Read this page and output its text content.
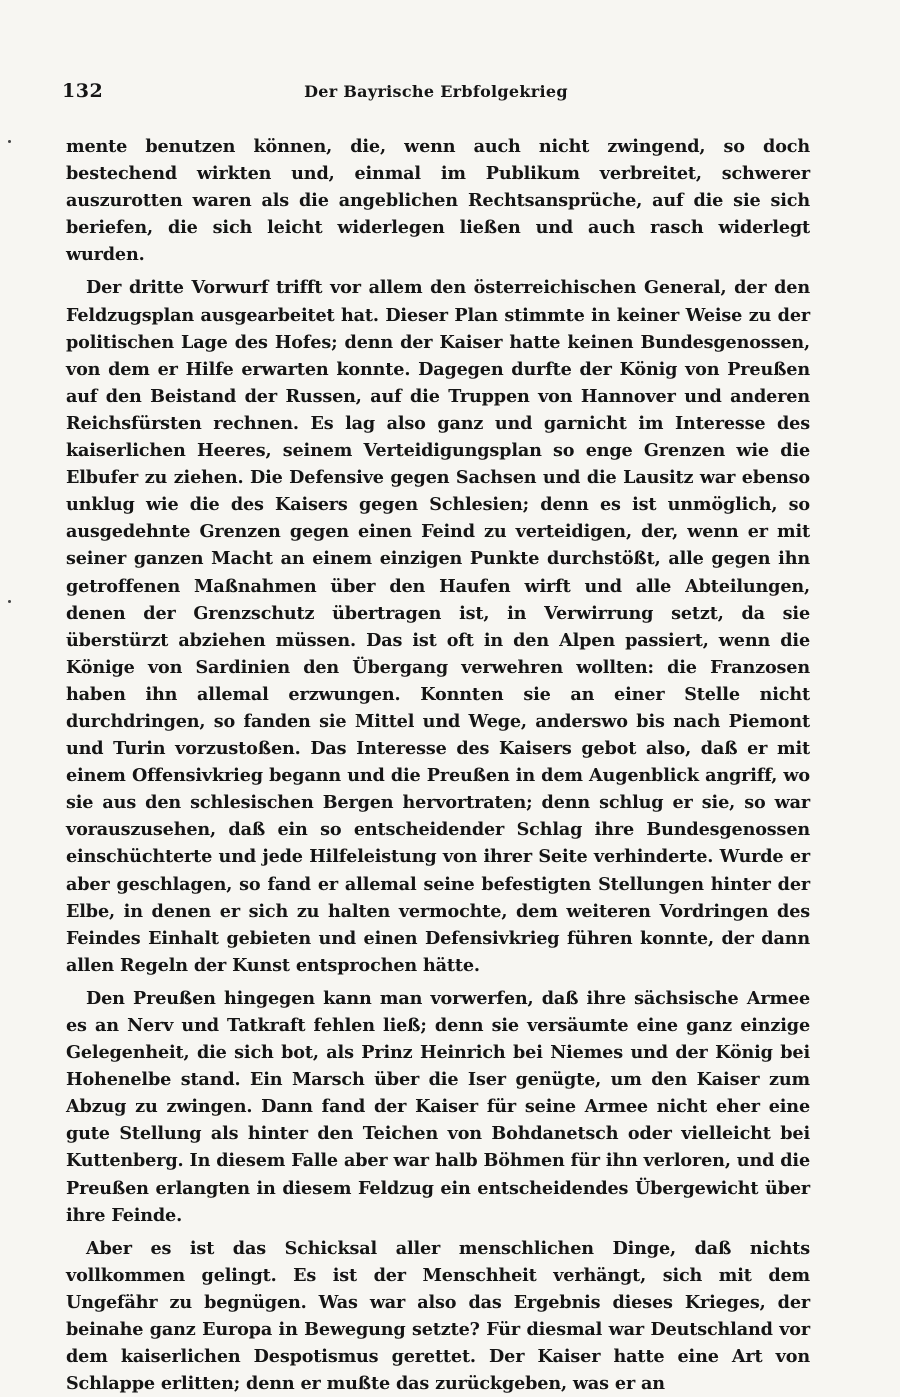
132	Der Bayrische Erbfolgekrieg

mente benutzen können, die, wenn auch nicht zwingend, so doch bestechend wirkten und, einmal im Publikum verbreitet, schwerer auszurotten waren als die angeblichen Rechtsansprüche, auf die sie sich beriefen, die sich leicht widerlegen ließen und auch rasch widerlegt wurden.

Der dritte Vorwurf trifft vor allem den österreichischen General, der den Feldzugsplan ausgearbeitet hat. Dieser Plan stimmte in keiner Weise zu der politischen Lage des Hofes; denn der Kaiser hatte keinen Bundesgenossen, von dem er Hilfe erwarten konnte. Dagegen durfte der König von Preußen auf den Beistand der Russen, auf die Truppen von Hannover und anderen Reichsfürsten rechnen. Es lag also ganz und garnicht im Interesse des kaiserlichen Heeres, seinem Verteidigungsplan so enge Grenzen wie die Elbufer zu ziehen. Die Defensive gegen Sachsen und die Lausitz war ebenso unklug wie die des Kaisers gegen Schlesien; denn es ist unmöglich, so ausgedehnte Grenzen gegen einen Feind zu verteidigen, der, wenn er mit seiner ganzen Macht an einem einzigen Punkte durchstößt, alle gegen ihn getroffenen Maßnahmen über den Haufen wirft und alle Abteilungen, denen der Grenzschutz übertragen ist, in Verwirrung setzt, da sie überstürzt abziehen müssen. Das ist oft in den Alpen passiert, wenn die Könige von Sardinien den Übergang verwehren wollten: die Franzosen haben ihn allemal erzwungen. Konnten sie an einer Stelle nicht durchdringen, so fanden sie Mittel und Wege, anderswo bis nach Piemont und Turin vorzustoßen. Das Interesse des Kaisers gebot also, daß er mit einem Offensivkrieg begann und die Preußen in dem Augenblick angriff, wo sie aus den schlesischen Bergen hervortraten; denn schlug er sie, so war vorauszusehen, daß ein so entscheidender Schlag ihre Bundesgenossen einschüchterte und jede Hilfeleistung von ihrer Seite verhinderte. Wurde er aber geschlagen, so fand er allemal seine befestigten Stellungen hinter der Elbe, in denen er sich zu halten vermochte, dem weiteren Vordringen des Feindes Einhalt gebieten und einen Defensivkrieg führen konnte, der dann allen Regeln der Kunst entsprochen hätte.

Den Preußen hingegen kann man vorwerfen, daß ihre sächsische Armee es an Nerv und Tatkraft fehlen ließ; denn sie versäumte eine ganz einzige Gelegenheit, die sich bot, als Prinz Heinrich bei Niemes und der König bei Hohenelbe stand. Ein Marsch über die Iser genügte, um den Kaiser zum Abzug zu zwingen. Dann fand der Kaiser für seine Armee nicht eher eine gute Stellung als hinter den Teichen von Bohdanetsch oder vielleicht bei Kuttenberg. In diesem Falle aber war halb Böhmen für ihn verloren, und die Preußen erlangten in diesem Feldzug ein entscheidendes Übergewicht über ihre Feinde.

Aber es ist das Schicksal aller menschlichen Dinge, daß nichts vollkommen gelingt. Es ist der Menschheit verhängt, sich mit dem Ungefähr zu begnügen. Was war also das Ergebnis dieses Krieges, der beinahe ganz Europa in Bewegung setzte? Für diesmal war Deutschland vor dem kaiserlichen Despotismus gerettet. Der Kaiser hatte eine Art von Schlappe erlitten; denn er mußte das zurückgeben, was er an
